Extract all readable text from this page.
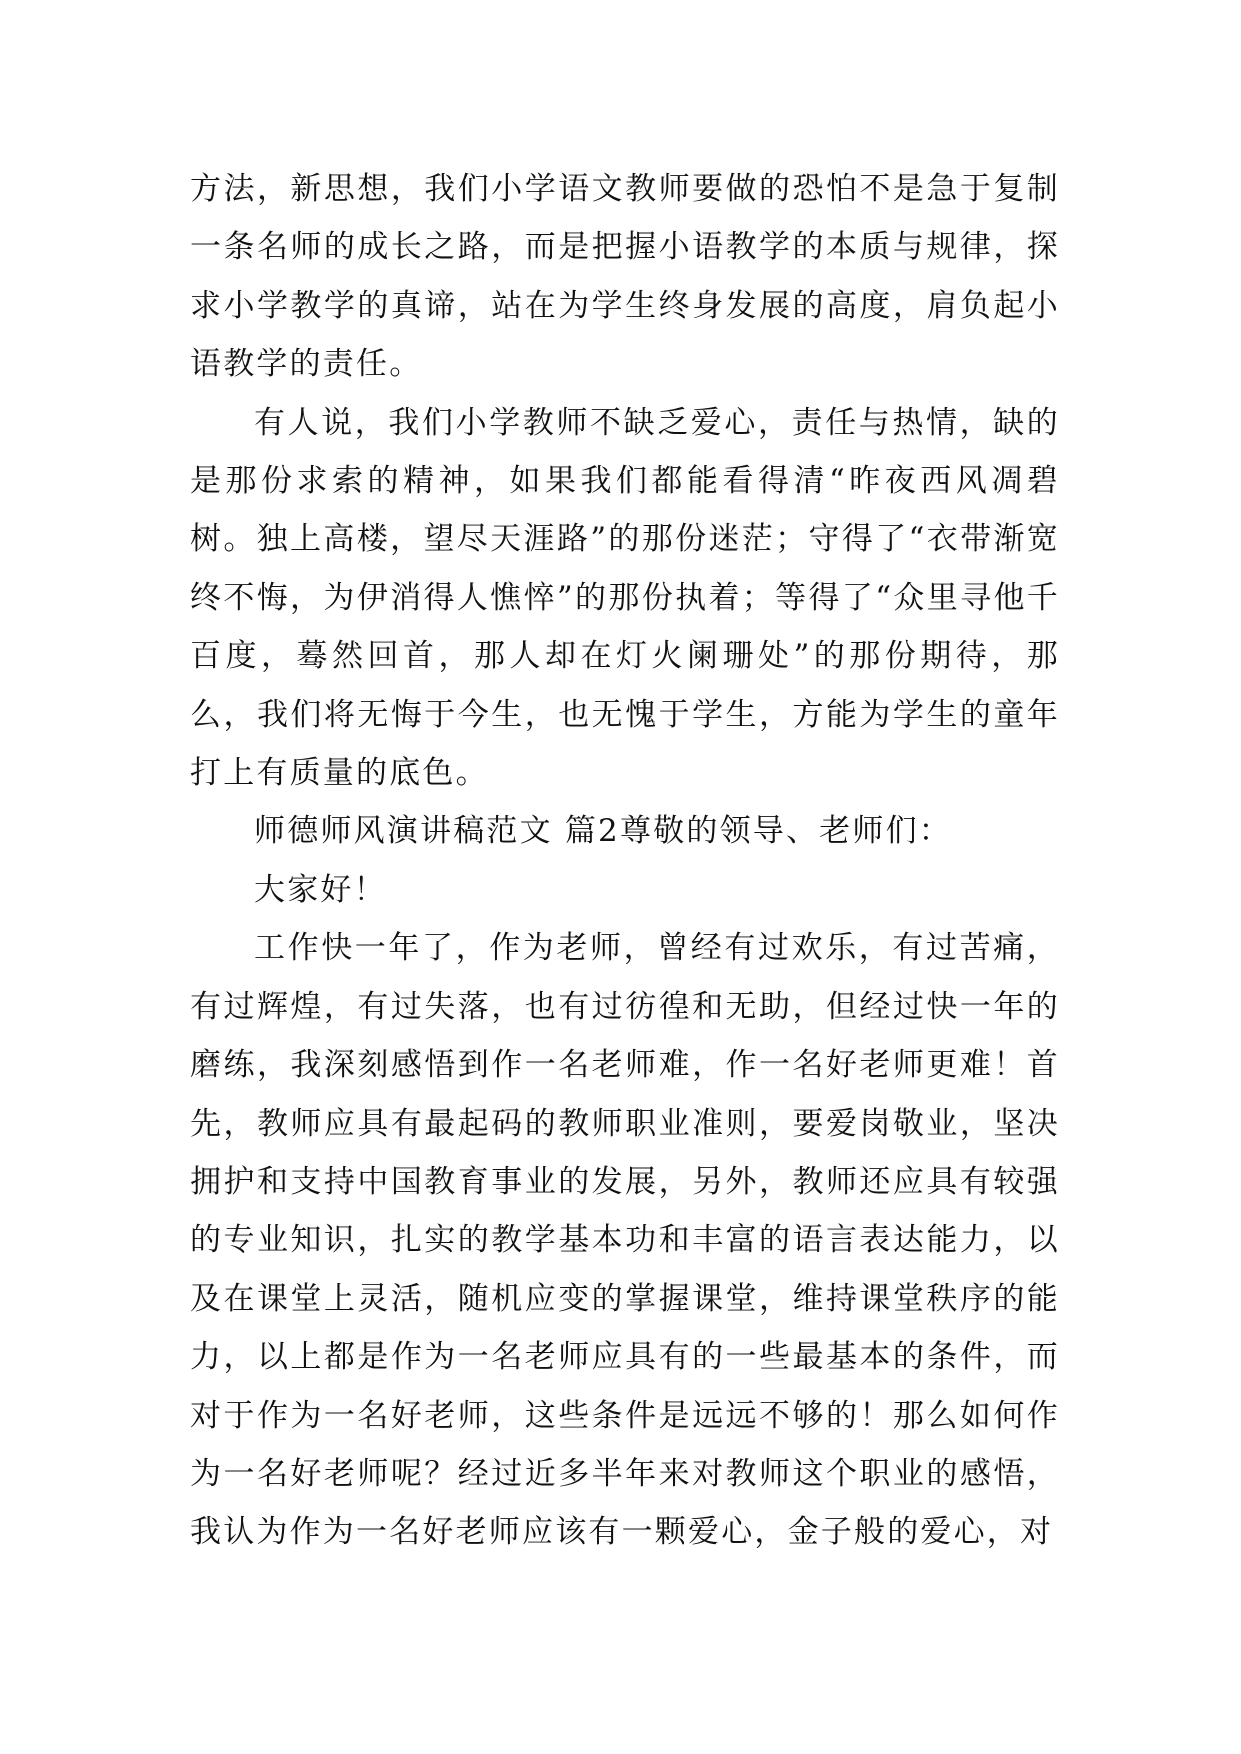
方法，新思想，我们小学语文教师要做的恐怕不是急于复制一条名师的成长之路，而是把握小语教学的本质与规律，探求小学教学的真谛，站在为学生终身发展的高度，肩负起小语教学的责任。

有人说，我们小学教师不缺乏爱心，责任与热情，缺的是那份求索的精神，如果我们都能看得清“昨夜西风凋碧树。独上高楼，望尽天涯路”的那份迷茫；守得了“衣带渐宽终不悔，为伊消得人憔悴”的那份执着；等得了“众里寻他千百度，蓦然回首，那人却在灯火阑珊处”的那份期待，那么，我们将无悔于今生，也无愧于学生，方能为学生的童年打上有质量的底色。

师德师风演讲稿范文 篇2尊敬的领导、老师们：

大家好！

工作快一年了，作为老师，曾经有过欢乐，有过苦痛，有过辉煌，有过失落，也有过彷徨和无助，但经过快一年的磨练，我深刻感悟到作一名老师难，作一名好老师更难！首先，教师应具有最起码的教师职业准则，要爱岗敬业，坚决拥护和支持中国教育事业的发展，另外，教师还应具有较强的专业知识，扎实的教学基本功和丰富的语言表达能力，以及在课堂上灵活，随机应变的掌握课堂，维持课堂秩序的能力，以上都是作为一名老师应具有的一些最基本的条件，而对于作为一名好老师，这些条件是远远不够的！那么如何作为一名好老师呢？经过近多半年来对教师这个职业的感悟，我认为作为一名好老师应该有一颗爱心，金子般的爱心，对
